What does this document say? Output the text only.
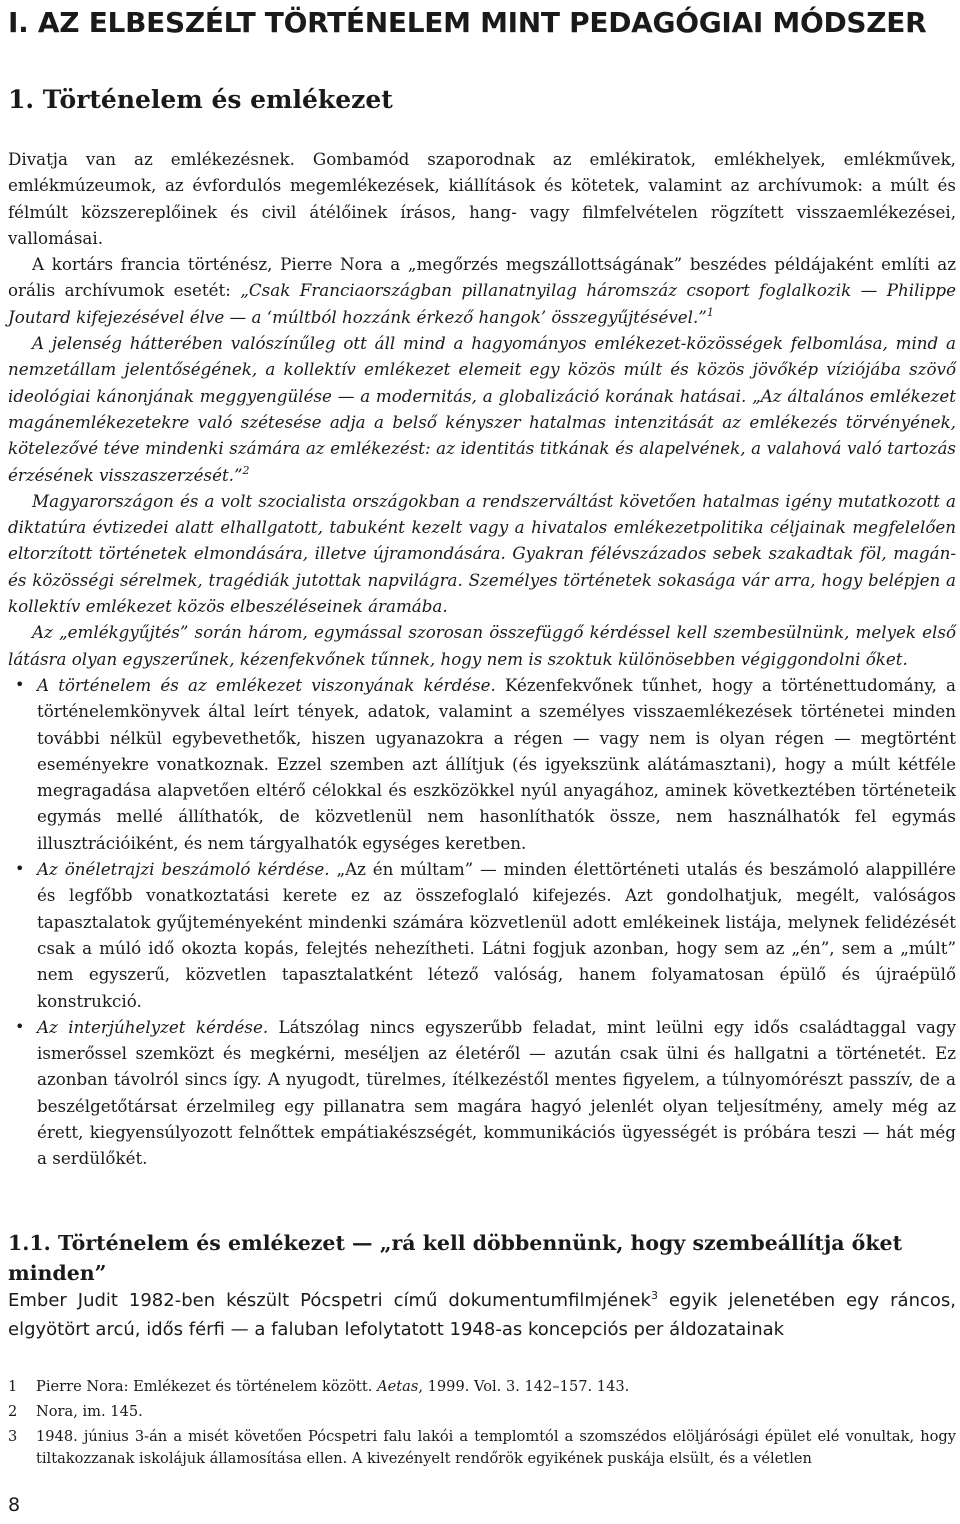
I. AZ ELBESZÉLT TÖRTÉNELEM MINT PEDAGÓGIAI MÓDSZER
1. Történelem és emlékezet

Divatja van az emlékezésnek. Gombamód szaporodnak az emlékiratok, emlékhelyek, emlékművek, emlékmúzeumok, az évfordulós megemlékezések, kiállítások és kötetek, valamint az archívumok: a múlt és félmúlt közszereplőinek és civil átélőinek írásos, hang- vagy filmfelvételen rögzített visszaemlékezései, vallomásai.

A kortárs francia történész, Pierre Nora a „megőrzés megszállottságának” beszédes példájaként említi az orális archívumok esetét: „Csak Franciaországban pillanatnyilag háromszáz csoport foglalkozik — Philippe Joutard kifejezésével élve — a ‘múltból hozzánk érkező hangok’ összegyűjtésével.”$^1$

A jelenség hátterében valószínűleg ott áll mind a hagyományos emlékezet-közösségek felbomlása, mind a nemzetállam jelentőségének, a kollektív emlékezet elemeit egy közös múlt és közös jövőkép víziójába szövő ideológiai kánonjának meggyengülése — a modernitás, a globalizáció korának hatásai. „Az általános emlékezet magánemlékezetekre való szétesése adja a belső kényszer hatalmas intenzitását az emlékezés törvényének, kötelezővé téve mindenki számára az emlékezést: az identitás titkának és alapelvének, a valahová való tartozás érzésének visszaszerzését.”$^2$

Magyarországon és a volt szocialista országokban a rendszerváltást követően hatalmas igény mutatkozott a diktatúra évtizedei alatt elhallgatott, tabuként kezelt vagy a hivatalos emlékezetpolitika céljainak megfelelően eltorzított történetek elmondására, illetve újramondására. Gyakran félévszázados sebek szakadtak föl, magán- és közösségi sérelmek, tragédiák jutottak napvilágra. Személyes történetek sokasága vár arra, hogy belépjen a kollektív emlékezet közös elbeszéléseinek áramába.

Az „emlékgyűjtés” során három, egymással szorosan összefüggő kérdéssel kell szembesülnünk, melyek első látásra olyan egyszerűnek, kézenfekvőnek tűnnek, hogy nem is szoktuk különösebben végiggondolni őket.

• A történelem és az emlékezet viszonyának kérdése. Kézenfekvőnek tűnhet, hogy a történettudomány, a történelemkönyvek által leírt tények, adatok, valamint a személyes visszaemlékezések történetei minden további nélkül egybevethetők, hiszen ugyanazokra a régen — vagy nem is olyan régen — megtörtént eseményekre vonatkoznak. Ezzel szemben azt állítjuk (és igyekszünk alátámasztani), hogy a múlt kétféle megragadása alapvetően eltérő célokkal és eszközökkel nyúl anyagához, aminek következtében történeteik egymás mellé állíthatók, de közvetlenül nem hasonlíthatók össze, nem használhatók fel egymás illusztrációiként, és nem tárgyalhatók egységes keretben.
• Az önéletrajzi beszámoló kérdése. „Az én múltam” — minden élettörténeti utalás és beszámoló alappillére és legfőbb vonatkoztatási kerete ez az összefoglaló kifejezés. Azt gondolhatjuk, megélt, valóságos tapasztalatok gyűjteményeként mindenki számára közvetlenül adott emlékeinek listája, melynek felidézését csak a múló idő okozta kopás, felejtés nehezítheti. Látni fogjuk azonban, hogy sem az „én”, sem a „múlt” nem egyszerű, közvetlen tapasztalatként létező valóság, hanem folyamatosan épülő és újraépülő konstrukció.
• Az interjúhelyzet kérdése. Látszólag nincs egyszerűbb feladat, mint leülni egy idős családtaggal vagy ismerőssel szemközt és megkérni, meséljen az életéről — azután csak ülni és hallgatni a történetét. Ez azonban távolról sincs így. A nyugodt, türelmes, ítélkezéstől mentes figyelem, a túlnyomórészt passzív, de a beszélgetőtársat érzelmileg egy pillanatra sem magára hagyó jelenlét olyan teljesítmény, amely még az érett, kiegyensúlyozott felnőttek empátiakészségét, kommunikációs ügyességét is próbára teszi — hát még a serdülőkét.
1.1. Történelem és emlékezet — „rá kell döbbennünk, hogy szembeállítja őket minden”

Ember Judit 1982-ben készült Pócspetri című dokumentumfilmjének$^3$ egyik jelenetében egy ráncos, elgyötört arcú, idős férfi — a faluban lefolytatott 1948-as koncepciós per áldozatainak

1 Pierre Nora: Emlékezet és történelem között. Aetas, 1999. Vol. 3. 142–157. 143.
2 Nora, im. 145.
3 1948. június 3-án a misét követően Pócspetri falu lakói a templomtól a szomszédos elöljárósági épület elé vonultak, hogy tiltakozzanak iskolájuk államosítása ellen. A kivezényelt rendőrök egyikének puskája elsült, és a véletlen
8
